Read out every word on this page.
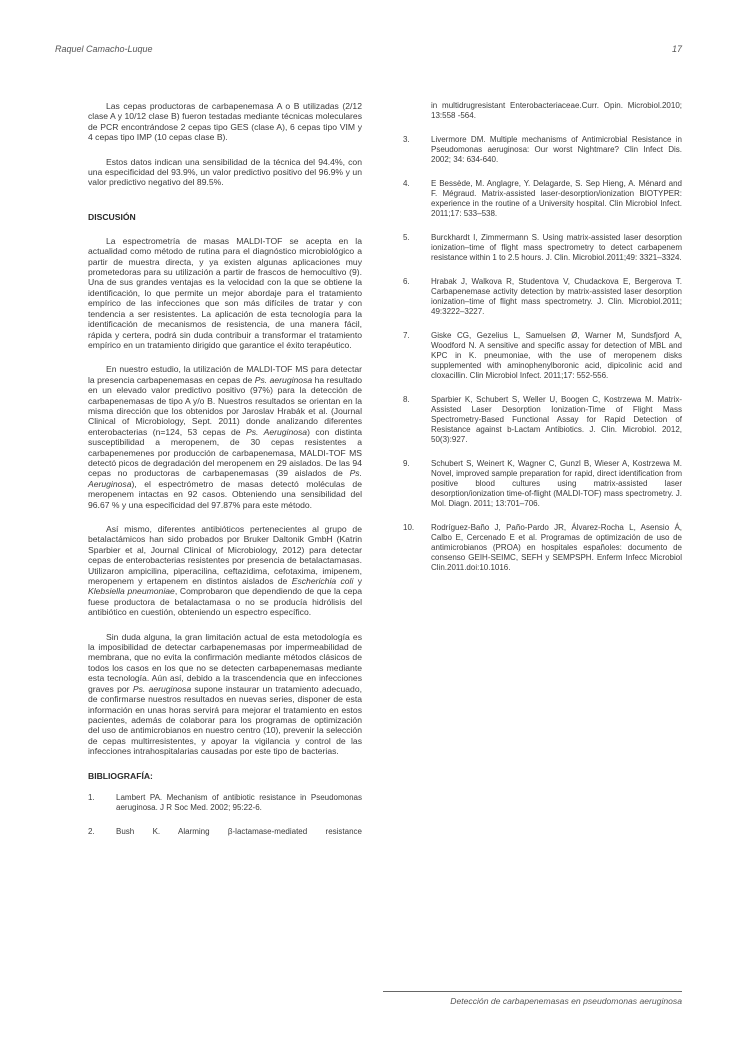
Raquel Camacho-Luque	17

Las cepas productoras de carbapenemasa A o B utilizadas (2/12 clase A y 10/12 clase B) fueron testadas mediante técnicas moleculares de PCR encontrándose 2 cepas tipo GES (clase A), 6 cepas tipo VIM y 4 cepas tipo IMP (10 cepas clase B).

Estos datos indican una sensibilidad de la técnica del 94.4%, con una especificidad del 93.9%, un valor predictivo positivo del 96.9% y un valor predictivo negativo del 89.5%.

DISCUSIÓN

La espectrometría de masas MALDI-TOF se acepta en la actualidad como método de rutina para el diagnóstico microbiológico a partir de muestra directa, y ya existen algunas aplicaciones muy prometedoras para su utilización a partir de frascos de hemocultivo (9). Una de sus grandes ventajas es la velocidad con la que se obtiene la identificación, lo que permite un mejor abordaje para el tratamiento empírico de las infecciones que son más difíciles de tratar y con tendencia a ser resistentes. La aplicación de esta tecnología para la identificación de mecanismos de resistencia, de una manera fácil, rápida y certera, podrá sin duda contribuir a transformar el tratamiento empírico en un tratamiento dirigido que garantice el éxito terapéutico.

En nuestro estudio, la utilización de MALDI-TOF MS para detectar la presencia carbapenemasas en cepas de Ps. aeruginosa ha resultado en un elevado valor predictivo positivo (97%) para la detección de carbapenemasas de tipo A y/o B. Nuestros resultados se orientan en la misma dirección que los obtenidos por Jaroslav Hrabák et al. (Journal Clinical of Microbiology, Sept. 2011) donde analizando diferentes enterobacterias (n=124, 53 cepas de Ps. Aeruginosa) con distinta susceptibilidad a meropenem, de 30 cepas resistentes a carbapenemenes por producción de carbapenemasa, MALDI-TOF MS detectó picos de degradación del meropenem en 29 aislados. De las 94 cepas no productoras de carbapenemasas (39 aislados de Ps. Aeruginosa), el espectrómetro de masas detectó moléculas de meropenem intactas en 92 casos. Obteniendo una sensibilidad del 96.67 % y una especificidad del 97.87% para este método.

Así mismo, diferentes antibióticos pertenecientes al grupo de betalactámicos han sido probados por Bruker Daltonik GmbH (Katrin Sparbier et al, Journal Clinical of Microbiology, 2012) para detectar cepas de enterobacterias resistentes por presencia de betalactamasas. Utilizaron ampicilina, piperacilina, ceftazidima, cefotaxima, imipenem, meropenem y ertapenem en distintos aislados de Escherichia coli y Klebsiella pneumoniae, Comprobaron que dependiendo de que la cepa fuese productora de betalactamasa o no se producía hidrólisis del antibiótico en cuestión, obteniendo un espectro específico.

Sin duda alguna, la gran limitación actual de esta metodología es la imposibilidad de detectar carbapenemasas por impermeabilidad de membrana, que no evita la confirmación mediante métodos clásicos de todos los casos en los que no se detecten carbapenemasas mediante esta tecnología. Aún así, debido a la trascendencia que en infecciones graves por Ps. aeruginosa supone instaurar un tratamiento adecuado, de confirmarse nuestros resultados en nuevas series, disponer de esta información en unas horas servirá para mejorar el tratamiento en estos pacientes, además de colaborar para los programas de optimización del uso de antimicrobianos en nuestro centro (10), prevenir la selección de cepas multirresistentes, y apoyar la vigilancia y control de las infecciones intrahospitalarias causadas por este tipo de bacterias.

BIBLIOGRAFÍA:
1.	Lambert PA. Mechanism of antibiotic resistance in Pseudomonas aeruginosa. J R Soc Med. 2002; 95:22-6.
2.	Bush K. Alarming β-lactamase-mediated resistance
in multidrugresistant Enterobacteriaceae.Curr. Opin. Microbiol.2010; 13:558 -564.
3.	Livermore DM. Multiple mechanisms of Antimicrobial Resistance in Pseudomonas aeruginosa: Our worst Nightmare? Clin Infect Dis. 2002; 34: 634-640.
4.	E Bessède, M. Anglagre, Y. Delagarde, S. Sep Hieng, A. Ménard and F. Mégraud. Matrix-assisted laser-desorption/ionization BIOTYPER: experience in the routine of a University hospital. Clin Microbiol Infect. 2011;17: 533–538.
5.	Burckhardt I, Zimmermann S. Using matrix-assisted laser desorption ionization–time of flight mass spectrometry to detect carbapenem resistance within 1 to 2.5 hours. J. Clin. Microbiol.2011;49: 3321–3324.
6.	Hrabak J, Walkova R, Studentova V, Chudackova E, Bergerova T. Carbapenemase activity detection by matrix-assisted laser desorption ionization–time of flight mass spectrometry. J. Clin. Microbiol.2011; 49:3222–3227.
7.	Giske CG, Gezelius L, Samuelsen Ø, Warner M, Sundsfjord A, Woodford N. A sensitive and specific assay for detection of MBL and KPC in K. pneumoniae, with the use of meropenem disks supplemented with aminophenylboronic acid, dipicolinic acid and cloxacillin. Clin Microbiol Infect. 2011;17: 552-556.
8.	Sparbier K, Schubert S, Weller U, Boogen C, Kostrzewa M. Matrix-Assisted Laser Desorption Ionization-Time of Flight Mass Spectrometry-Based Functional Assay for Rapid Detection of Resistance against b-Lactam Antibiotics. J. Clin. Microbiol. 2012, 50(3):927.
9.	Schubert S, Weinert K, Wagner C, Gunzl B, Wieser A, Kostrzewa M. Novel, improved sample preparation for rapid, direct identification from positive blood cultures using matrix-assisted laser desorption/ionization time-of-flight (MALDI-TOF) mass spectrometry. J. Mol. Diagn. 2011; 13:701–706.
10.	Rodríguez-Baño J, Paño-Pardo JR, Álvarez-Rocha L, Asensio Á, Calbo E, Cercenado E et al. Programas de optimización de uso de antimicrobianos (PROA) en hospitales españoles: documento de consenso GEIH-SEIMC, SEFH y SEMPSPH. Enferm Infecc Microbiol Clin.2011.doi:10.1016.
Detección de carbapenemasas en pseudomonas aeruginosa
